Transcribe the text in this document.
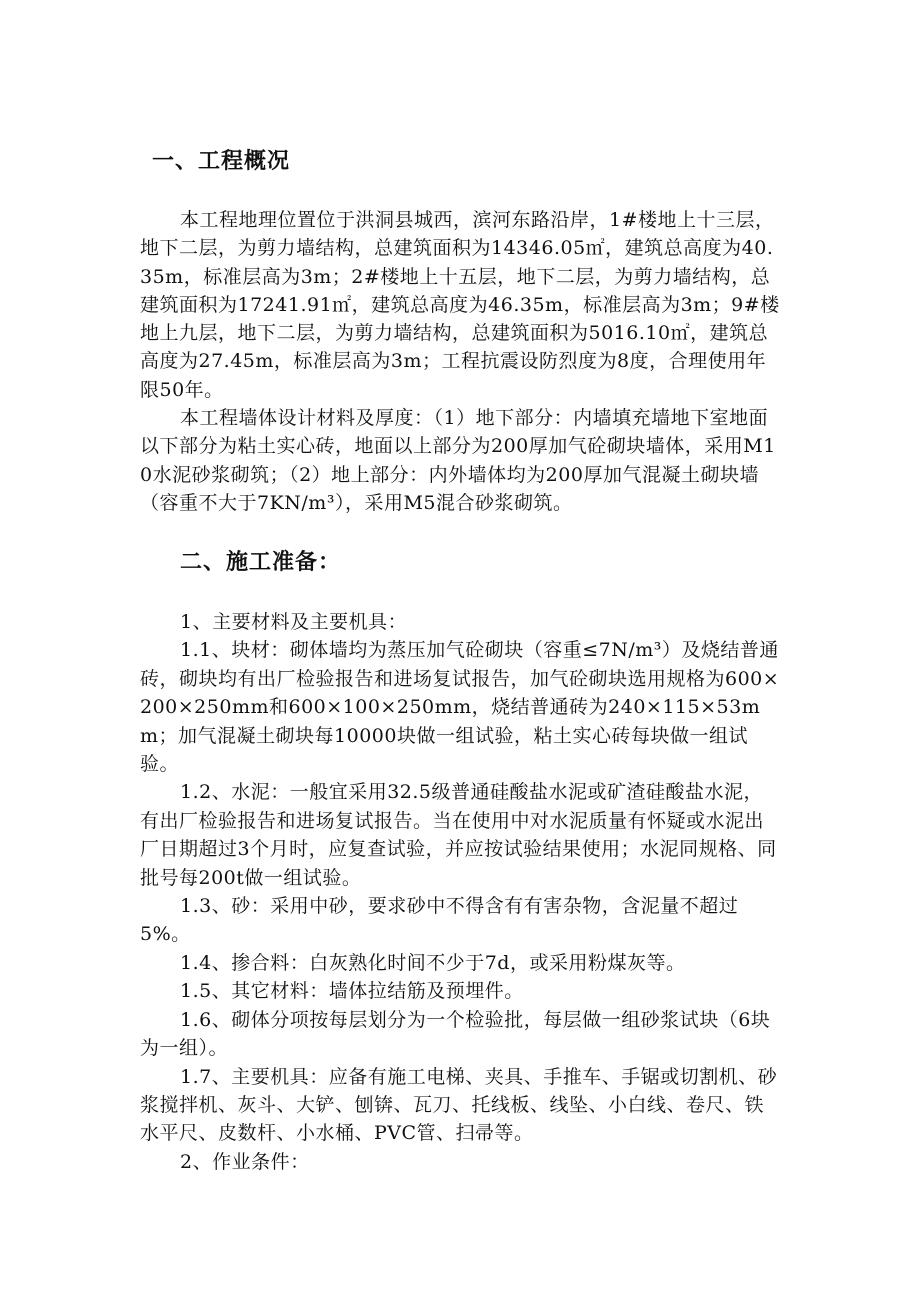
一、工程概况

本工程地理位置位于洪洞县城西，滨河东路沿岸，1#楼地上十三层，地下二层，为剪力墙结构，总建筑面积为14346.05㎡，建筑总高度为40.35m，标准层高为3m；2#楼地上十五层，地下二层，为剪力墙结构，总建筑面积为17241.91㎡，建筑总高度为46.35m，标准层高为3m；9#楼地上九层，地下二层，为剪力墙结构，总建筑面积为5016.10㎡，建筑总高度为27.45m，标准层高为3m；工程抗震设防烈度为8度，合理使用年限50年。

本工程墙体设计材料及厚度：（1）地下部分：内墙填充墙地下室地面以下部分为粘土实心砖，地面以上部分为200厚加气砼砌块墙体，采用M10水泥砂浆砌筑；（2）地上部分：内外墙体均为200厚加气混凝土砌块墙（容重不大于7KN/m³），采用M5混合砂浆砌筑。

二、施工准备：

1、主要材料及主要机具：

1.1、块材：砌体墙均为蒸压加气砼砌块（容重≤7N/m³）及烧结普通砖，砌块均有出厂检验报告和进场复试报告，加气砼砌块选用规格为600×200×250mm和600×100×250mm，烧结普通砖为240×115×53mm；加气混凝土砌块每10000块做一组试验，粘土实心砖每块做一组试验。

1.2、水泥：一般宜采用32.5级普通硅酸盐水泥或矿渣硅酸盐水泥，有出厂检验报告和进场复试报告。当在使用中对水泥质量有怀疑或水泥出厂日期超过3个月时，应复查试验，并应按试验结果使用；水泥同规格、同批号每200t做一组试验。

1.3、砂：采用中砂，要求砂中不得含有有害杂物，含泥量不超过5%。

1.4、掺合料：白灰熟化时间不少于7d，或采用粉煤灰等。

1.5、其它材料：墙体拉结筋及预埋件。

1.6、砌体分项按每层划分为一个检验批，每层做一组砂浆试块（6块为一组）。

1.7、主要机具：应备有施工电梯、夹具、手推车、手锯或切割机、砂浆搅拌机、灰斗、大铲、刨锛、瓦刀、托线板、线坠、小白线、卷尺、铁水平尺、皮数杆、小水桶、PVC管、扫帚等。

2、作业条件：
